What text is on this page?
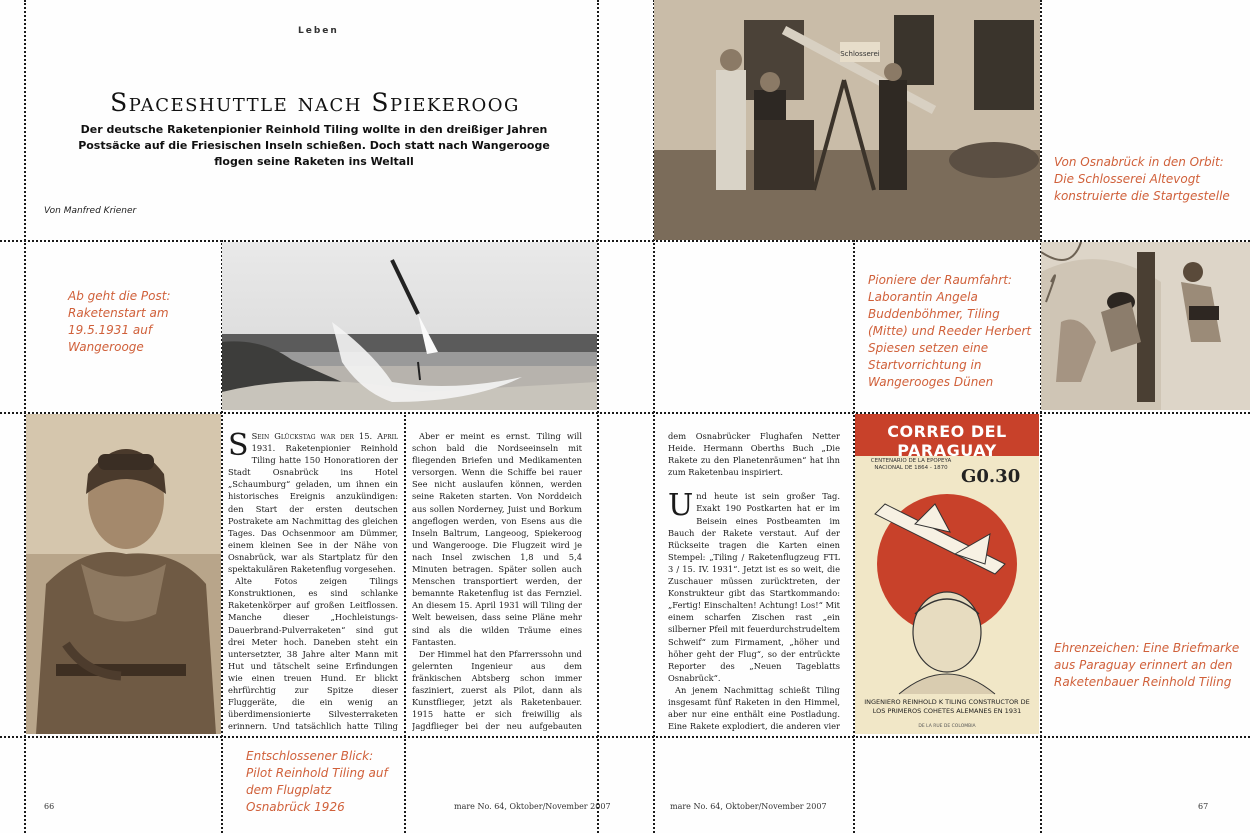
Leben
Spaceshuttle nach Spiekeroog
Der deutsche Raketenpionier Reinhold Tiling wollte in den dreißiger Jahren Postsäcke auf die Friesischen Inseln schießen. Doch statt nach Wangerooge flogen seine Raketen ins Weltall
Von Manfred Kriener
Ab geht die Post: Raketenstart am 19.5.1931 auf Wangerooge

S Sein Glückstag war der 15. April 1931. Raketenpionier Reinhold Tiling hatte 150 Honoratioren der Stadt Osnabrück ins Hotel „Schaumburg“ geladen, um ihnen ein historisches Ereignis anzukündigen: den Start der ersten deutschen Postrakete am Nachmittag des gleichen Tages. Das Ochsenmoor am Dümmer, einem kleinen See in der Nähe von Osnabrück, war als Startplatz für den spektakulären Raketenflug vorgesehen.

Alte Fotos zeigen Tilings Konstruktionen, es sind schlanke Raketenkörper auf großen Leitflossen. Manche dieser „Hochleistungs-Dauerbrand-Pulverraketen“ sind gut drei Meter hoch. Daneben steht ein untersetzter, 38 Jahre alter Mann mit Hut und tätschelt seine Erfindungen wie einen treuen Hund. Er blickt ehrfürchtig zur Spitze dieser Fluggeräte, die ein wenig an überdimensionierte Silvesterraketen erinnern. Und tatsächlich hatte Tiling

Aber er meint es ernst. Tiling will schon bald die Nordseeinseln mit fliegenden Briefen und Medikamenten versorgen. Wenn die Schiffe bei rauer See nicht auslaufen können, werden seine Raketen starten. Von Norddeich aus sollen Norderney, Juist und Borkum angeflogen werden, von Esens aus die Inseln Baltrum, Langeoog, Spiekeroog und Wangerooge. Die Flugzeit wird je nach Insel zwischen 1,8 und 5,4 Minuten betragen. Später sollen auch Menschen transportiert werden, der bemannte Raketenflug ist das Fernziel. An diesem 15. April 1931 will Tiling der Welt beweisen, dass seine Pläne mehr sind als die wilden Träume eines Fantasten.

Der Himmel hat den Pfarrerssohn und gelernten Ingenieur aus dem fränkischen Abtsberg schon immer fasziniert, zuerst als Pilot, dann als Kunstflieger, jetzt als Raketenbauer. 1915 hatte er sich freiwillig als Jagdflieger bei der neu aufgebauten

dem Osnabrücker Flughafen Netter Heide. Hermann Oberths Buch „Die Rakete zu den Planetenräumen“ hat ihn zum Raketenbau inspiriert.

Und heute ist sein großer Tag. Exakt 190 Postkarten hat er im Beisein eines Postbeamten im Bauch der Rakete verstaut. Auf der Rückseite tragen die Karten einen Stempel: „Tiling / Raketenflugzeug FTL 3 / 15. IV. 1931“. Jetzt ist es so weit, die Zuschauer müssen zurücktreten, der Konstrukteur gibt das Startkommando: „Fertig! Einschalten! Achtung! Los!“ Mit einem scharfen Zischen rast „ein silberner Pfeil mit feuerdurchstrudeltem Schweif“ zum Firmament, „höher und höher geht der Flug“, so der entrückte Reporter des „Neuen Tageblatts Osnabrück“.

An jenem Nachmittag schießt Tiling insgesamt fünf Raketen in den Himmel, aber nur eine enthält eine Postladung. Eine Rakete explodiert, die anderen vier

Entschlossener Blick: Pilot Reinhold Tiling auf dem Flugplatz Osnabrück 1926
66	mare No. 64, Oktober/November 2007
Schlosserei
Von Osnabrück in den Orbit: Die Schlosserei Altevogt konstruierte die Startgestelle
Pioniere der Raumfahrt: Laborantin Angela Buddenböhmer, Tiling (Mitte) und Reeder Herbert Spiesen setzen eine Startvorrichtung in Wangerooges Dünen
CORREO DEL PARAGUAY
CENTENARIO DE LA EPOPEYA NACIONAL DE 1864 - 1870 G0.30
INGENIERO REINHOLD K TILING CONSTRUCTOR DE LOS PRIMEROS COHETES ALEMANES EN 1931
DE LA RUE DE COLOMBIA
Ehrenzeichen: Eine Briefmarke aus Paraguay erinnert an den Raketenbauer Reinhold Tiling
mare No. 64, Oktober/November 2007	67
